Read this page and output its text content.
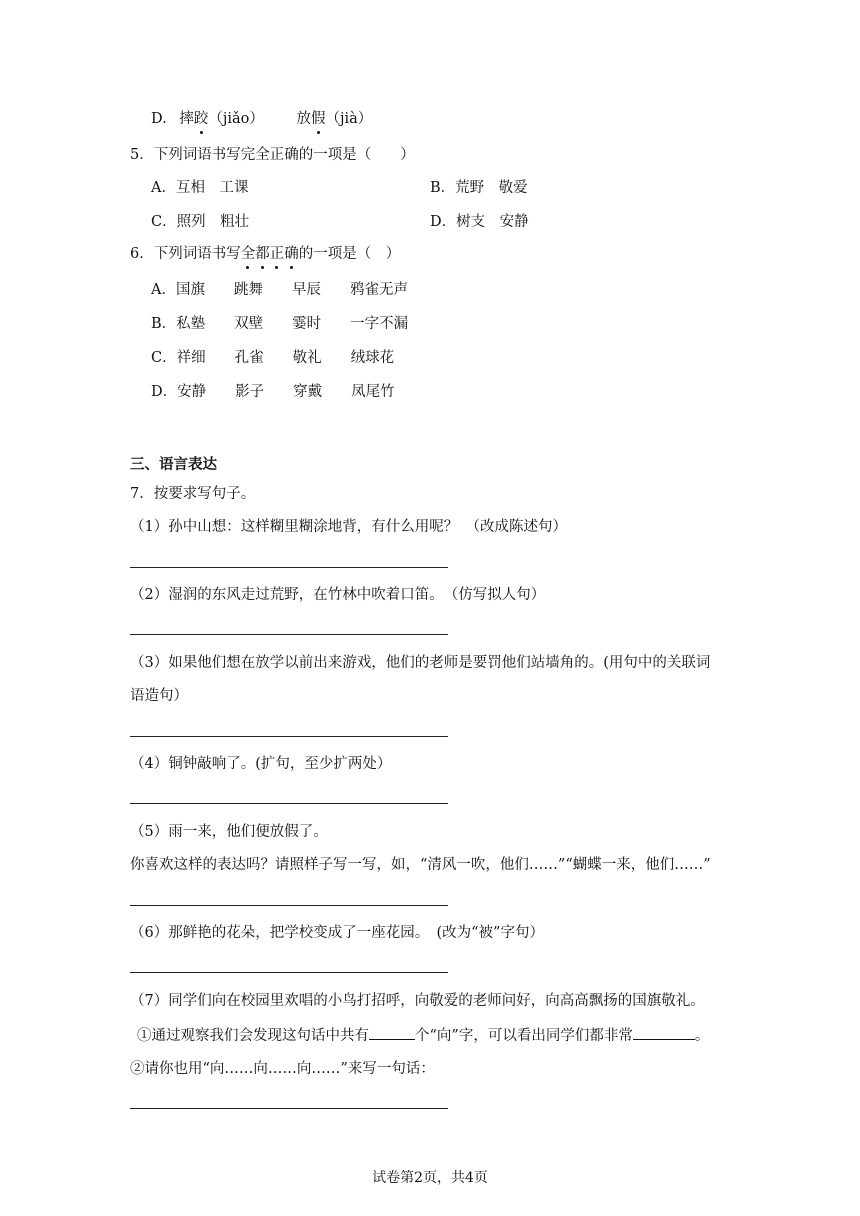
D. 摔跤（jiǎo） 放假（jià）
5．下列词语书写完全正确的一项是（　　）
A．互相　工课	B．荒野　敬爱
C．照列　粗壮	D．树支　安静
6．下列词语书写全都正确的一项是（　）
A．国旗　　跳舞　　早辰　　鸦雀无声
B．私塾　　双壁　　霎时　　一字不漏
C．祥细　　孔雀　　敬礼　　绒球花
D．安静　　影子　　穿戴　　凤尾竹
三、语言表达
7．按要求写句子。
（1）孙中山想：这样糊里糊涂地背，有什么用呢？　（改成陈述句）
（2）湿润的东风走过荒野，在竹林中吹着口笛。　（仿写拟人句）
（3）如果他们想在放学以前出来游戏，他们的老师是要罚他们站墙角的。(用句中的关联词
语造句）
（4）铜钟敲响了。(扩句，至少扩两处）
（5）雨一来，他们便放假了。
你喜欢这样的表达吗？请照样子写一写，如，“清风一吹，他们……”“蝴蝶一来，他们……”
（6）那鲜艳的花朵，把学校变成了一座花园。　(改为“被”字句）
（7）同学们向在校园里欢唱的小鸟打招呼，向敬爱的老师问好，向高高飘扬的国旗敬礼。
①通过观察我们会发现这句话中共有	个“向”字，可以看出同学们都非常	。
②请你也用“向……向……向……”来写一句话：
试卷第2页，共4页
